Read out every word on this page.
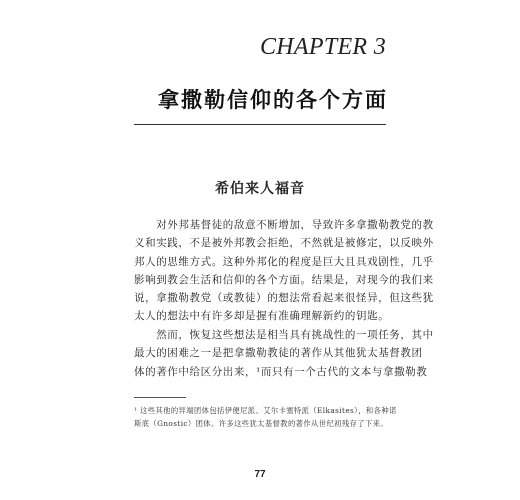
CHAPTER 3
拿撒勒信仰的各个方面
希伯来人福音

　　对外邦基督徒的敌意不断增加，导致许多拿撒勒教党的教
义和实践，不是被外邦教会拒绝，不然就是被修定，以反映外
邦人的思维方式。这种外邦化的程度是巨大且具戏剧性，几乎
影响到教会生活和信仰的各个方面。结果是，对现今的我们来
说，拿撒勒教党（或教徒）的想法常看起来很怪异，但这些犹
太人的想法中有许多却是握有准确理解新约的钥匙。

　　然而，恢复这些想法是相当具有挑战性的一项任务，其中
最大的困难之一是把拿撒勒教徒的著作从其他犹太基督教团
体的著作中给区分出来，¹而只有一个古代的文本与拿撒勒教

¹ 这些其他的异端团体包括伊便尼派、艾尔卡塞特派（Elkasites），和各种诺
斯底（Gnostic）团体。许多这些犹太基督教的著作从世纪初残存了下来。

77
